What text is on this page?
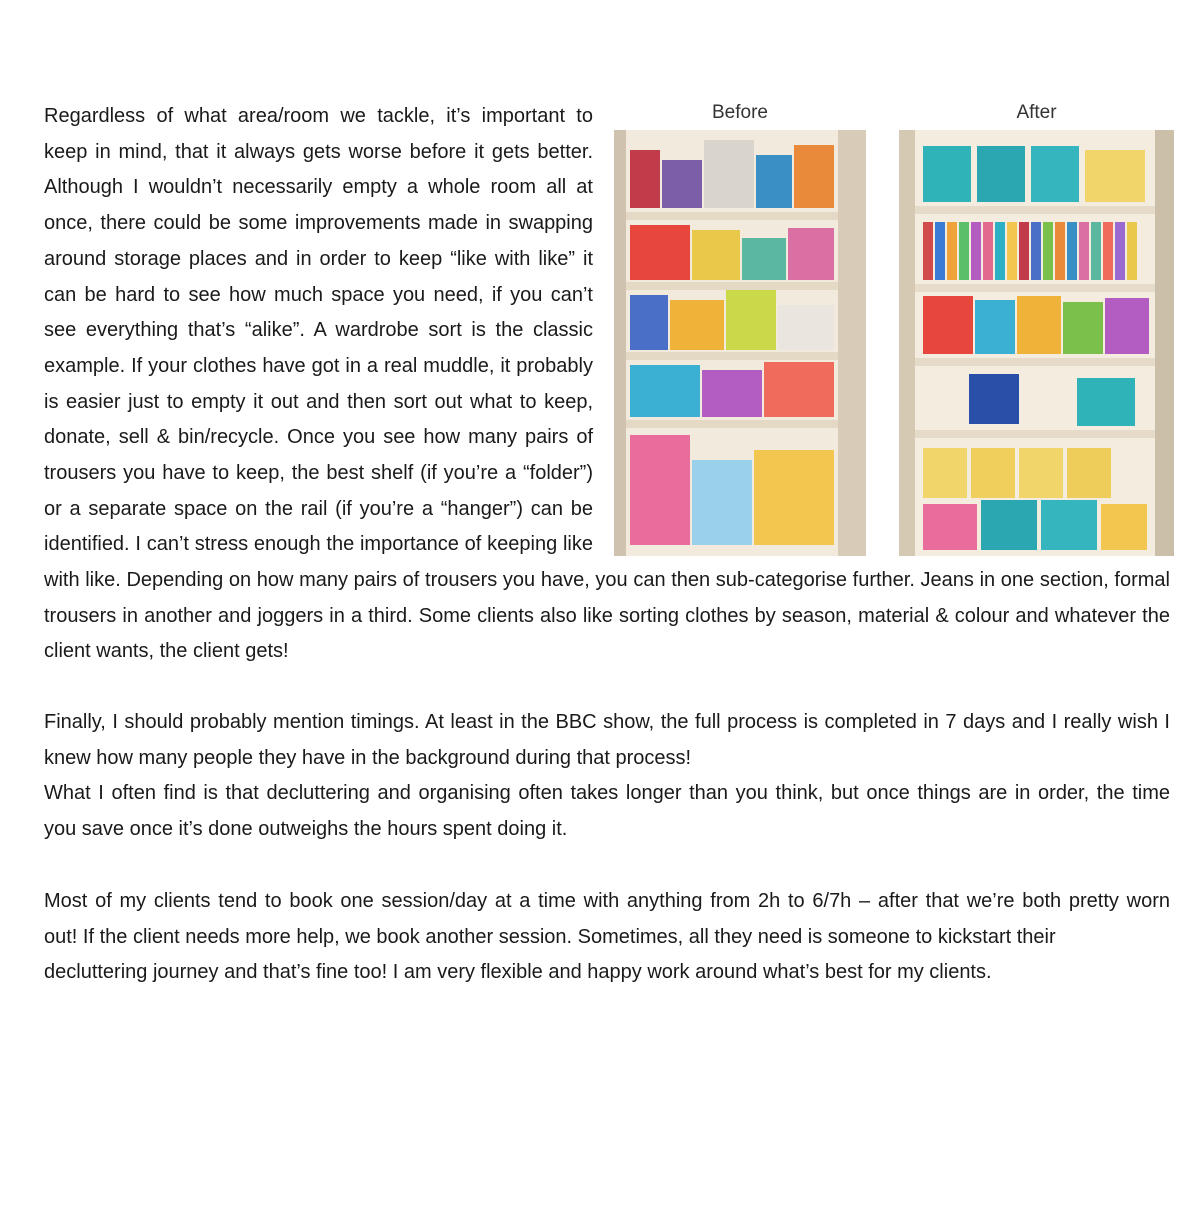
Before	After
Regardless of what area/room we tackle, it’s important to
keep in mind, that it always gets worse before it gets better.
Although I wouldn’t necessarily empty a whole room all at
once, there could be some improvements made in swapping
around storage places and in order to keep “like with like” it
can be hard to see how much space you need, if you can’t
see everything that’s “alike”. A wardrobe sort is the classic
example. If your clothes have got in a real muddle, it probably
is easier just to empty it out and then sort out what to keep,
donate, sell & bin/recycle. Once you see how many pairs of
trousers you have to keep, the best shelf (if you’re a “folder”)
or a separate space on the rail (if you’re a “hanger”) can be
identified. I can’t stress enough the importance of keeping like
with like. Depending on how many pairs of trousers you have, you can then sub-categorise further. Jeans in one section, formal
trousers in another and joggers in a third. Some clients also like sorting clothes by season, material & colour and whatever the
client wants, the client gets!
Finally, I should probably mention timings. At least in the BBC show, the full process is completed in 7 days and I really wish I
knew how many people they have in the background during that process!
What I often find is that decluttering and organising often takes longer than you think, but once things are in order, the time
you save once it’s done outweighs the hours spent doing it.
Most of my clients tend to book one session/day at a time with anything from 2h to 6/7h – after that we’re both pretty worn
out! If the client needs more help, we book another session. Sometimes, all they need is someone to kickstart their
decluttering journey and that’s fine too! I am very flexible and happy work around what’s best for my clients.
